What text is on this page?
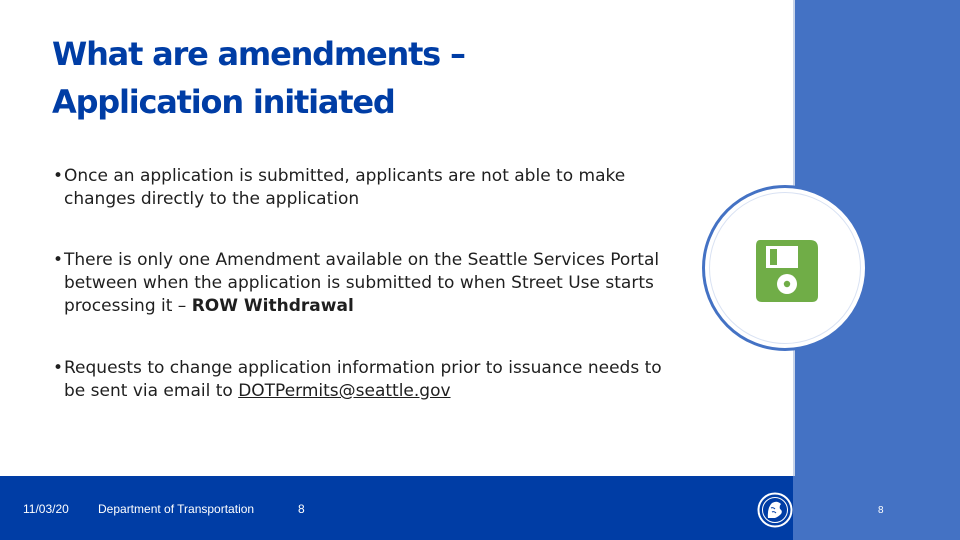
What are amendments –
Application initiated
• Once an application is submitted, applicants are not able to make changes directly to the application
• There is only one Amendment available on the Seattle Services Portal between when the application is submitted to when Street Use starts processing it – ROW Withdrawal
• Requests to change application information prior to issuance needs to be sent via email to DOTPermits@seattle.gov
11/03/20 Department of Transportation	8	8
